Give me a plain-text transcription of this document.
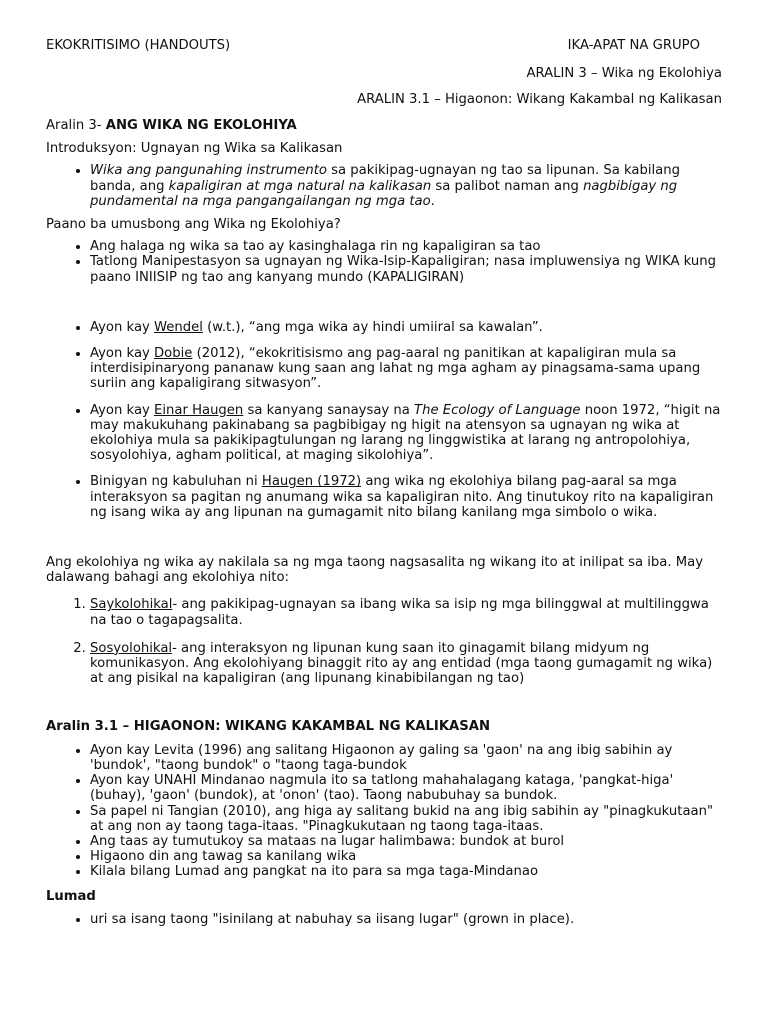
EKOKRITISIMO (HANDOUTS)	IKA-APAT NA GRUPO
ARALIN 3 – Wika ng Ekolohiya
ARALIN 3.1 – Higaonon: Wikang Kakambal ng Kalikasan

Aralin 3- ANG WIKA NG EKOLOHIYA

Introduksyon: Ugnayan ng Wika sa Kalikasan

• Wika ang pangunahing instrumento sa pakikipag-ugnayan ng tao sa lipunan. Sa kabilang banda, ang kapaligiran at mga natural na kalikasan sa palibot naman ang nagbibigay ng pundamental na mga pangangailangan ng mga tao.

Paano ba umusbong ang Wika ng Ekolohiya?

• Ang halaga ng wika sa tao ay kasinghalaga rin ng kapaligiran sa tao
• Tatlong Manipestasyon sa ugnayan ng Wika-Isip-Kapaligiran; nasa impluwensiya ng WIKA kung paano INIISIP ng tao ang kanyang mundo (KAPALIGIRAN)
• Ayon kay Wendel (w.t.), “ang mga wika ay hindi umiiral sa kawalan”.
• Ayon kay Dobie (2012), “ekokritisismo ang pag-aaral ng panitikan at kapaligiran mula sa interdisipinaryong pananaw kung saan ang lahat ng mga agham ay pinagsama-sama upang suriin ang kapaligirang sitwasyon”.
• Ayon kay Einar Haugen sa kanyang sanaysay na The Ecology of Language noon 1972, “higit na may makukuhang pakinabang sa pagbibigay ng higit na atensyon sa ugnayan ng wika at ekolohiya mula sa pakikipagtulungan ng larang ng linggwistika at larang ng antropolohiya, sosyolohiya, agham political, at maging sikolohiya”.
• Binigyan ng kabuluhan ni Haugen (1972) ang wika ng ekolohiya bilang pag-aaral sa mga interaksyon sa pagitan ng anumang wika sa kapaligiran nito. Ang tinutukoy rito na kapaligiran ng isang wika ay ang lipunan na gumagamit nito bilang kanilang mga simbolo o wika.

Ang ekolohiya ng wika ay nakilala sa ng mga taong nagsasalita ng wikang ito at inilipat sa iba. May dalawang bahagi ang ekolohiya nito:

1. Saykolohikal- ang pakikipag-ugnayan sa ibang wika sa isip ng mga bilinggwal at multilinggwa na tao o tagapagsalita.
2. Sosyolohikal- ang interaksyon ng lipunan kung saan ito ginagamit bilang midyum ng komunikasyon. Ang ekolohiyang binaggit rito ay ang entidad (mga taong gumagamit ng wika) at ang pisikal na kapaligiran (ang lipunang kinabibilangan ng tao)

Aralin 3.1 – HIGAONON: WIKANG KAKAMBAL NG KALIKASAN

• Ayon kay Levita (1996) ang salitang Higaonon ay galing sa 'gaon' na ang ibig sabihin ay 'bundok', "taong bundok" o "taong taga-bundok
• Ayon kay UNAHI Mindanao nagmula ito sa tatlong mahahalagang kataga, 'pangkat-higa' (buhay), 'gaon' (bundok), at 'onon' (tao). Taong nabubuhay sa bundok.
• Sa papel ni Tangian (2010), ang higa ay salitang bukid na ang ibig sabihin ay "pinagkukutaan" at ang non ay taong taga-itaas. "Pinagkukutaan ng taong taga-itaas.
• Ang taas ay tumutukoy sa mataas na lugar halimbawa: bundok at burol
• Higaono din ang tawag sa kanilang wika
• Kilala bilang Lumad ang pangkat na ito para sa mga taga-Mindanao

Lumad

• uri sa isang taong "isinilang at nabuhay sa iisang lugar" (grown in place).
